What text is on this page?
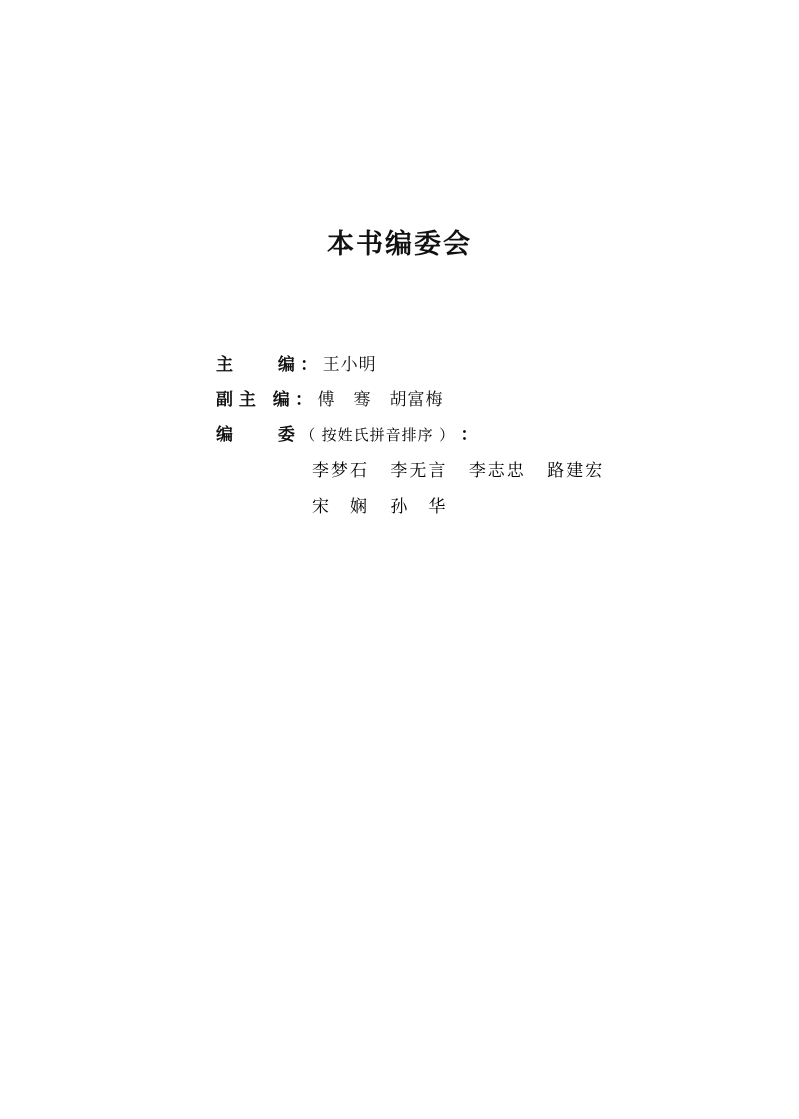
本书编委会
主	编 ： 王小明
副 主 编 ： 傅　骞　胡富梅
编	委 （ 按姓氏拼音排序 ） ：
李梦石 李无言 李志忠 路建宏
宋　娴 孙　华
